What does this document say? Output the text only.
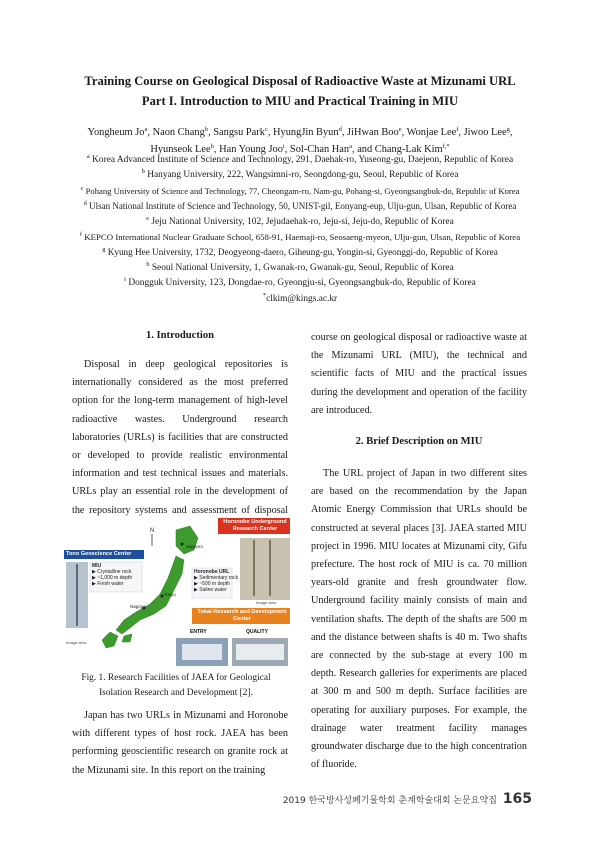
Training Course on Geological Disposal of Radioactive Waste at Mizunami URL
Part I. Introduction to MIU and Practical Training in MIU
Yongheum Jo$^a$, Naon Chang$^b$, Sangsu Park$^c$, HyungJin Byun$^d$, JiHwan Boo$^e$, Wonjae Lee$^f$, Jiwoo Lee$^g$,
Hyunseok Lee$^h$, Han Young Joo$^i$, Sol-Chan Han$^a$, and Chang-Lak Kim$^{f,*}$
$^a$ Korea Advanced Institute of Science and Technology, 291, Daehak-ro, Yuseong-gu, Daejeon, Republic of Korea
$^b$ Hanyang University, 222, Wangsimni-ro, Seongdong-gu, Seoul, Republic of Korea
$^c$ Pohang University of Science and Technology, 77, Cheongam-ro, Nam-gu, Pohang-si, Gyeongsangbuk-do, Republic of Korea
$^d$ Ulsan National Institute of Science and Technology, 50, UNIST-gil, Eonyang-eup, Ulju-gun, Ulsan, Republic of Korea
$^e$ Jeju National University, 102, Jejudaehak-ro, Jeju-si, Jeju-do, Republic of Korea
$^f$ KEPCO International Nuclear Graduate School, 658-91, Haemaji-ro, Seosaeng-myeon, Ulju-gun, Ulsan, Republic of Korea
$^g$ Kyung Hee University, 1732, Deogyeong-daero, Giheung-gu, Yongin-si, Gyeonggi-do, Republic of Korea
$^h$ Seoul National University, 1, Gwanak-ro, Gwanak-gu, Seoul, Republic of Korea
$^i$ Dongguk University, 123, Dongdae-ro, Gyeongju-si, Gyeongsangbuk-do, Republic of Korea
*clkim@kings.ac.kr
1. Introduction

Disposal in deep geological repositories is internationally considered as the most preferred option for the long-term management of high-level radioactive wastes. Underground research laboratories (URLs) is facilities that are constructed or developed to provide realistic environmental information and test technical issues and materials. URLs play an essential role in the development of the repository systems and assessment of disposal

N
Horonobe Underground Research Center
Tono Geoscience Center
Tokai Research and Development Center
MIU
▶ Crystalline rock
▶ ~1,000 m depth
▶ Fresh water
Horonobe URL
▶ Sedimentary rock
▶ ~500 m depth
▶ Saline water
Image view
Image view
Sapporo
Tokyo
Nagoya
ENTRY	QUALITY
Fig. 1. Research Facilities of JAEA for Geological Isolation Research and Development [2].

Japan has two URLs in Mizunami and Horonobe with different types of host rock. JAEA has been performing geoscientific research on granite rock at the Mizunami site. In this report on the training

course on geological disposal or radioactive waste at the Mizunami URL (MIU), the technical and scientific facts of MIU and the practical issues during the development and operation of the facility are introduced.

2. Brief Description on MIU

The URL project of Japan in two different sites are based on the recommendation by the Japan Atomic Energy Commission that URLs should be constructed at several places [3]. JAEA started MIU project in 1996. MIU locates at Mizunami city, Gifu prefecture. The host rock of MIU is ca. 70 million years-old granite and fresh groundwater flow. Underground facility mainly consists of main and ventilation shafts. The depth of the shafts are 500 m and the distance between shafts is 40 m. Two shafts are connected by the sub-stage at every 100 m depth. Research galleries for experiments are placed at 300 m and 500 m depth. Surface facilities are operating for auxiliary purposes. For example, the drainage water treatment facility manages groundwater discharge due to the high concentration of fluoride.

2019 한국방사성폐기물학회 춘계학술대회 논문요약집 165
